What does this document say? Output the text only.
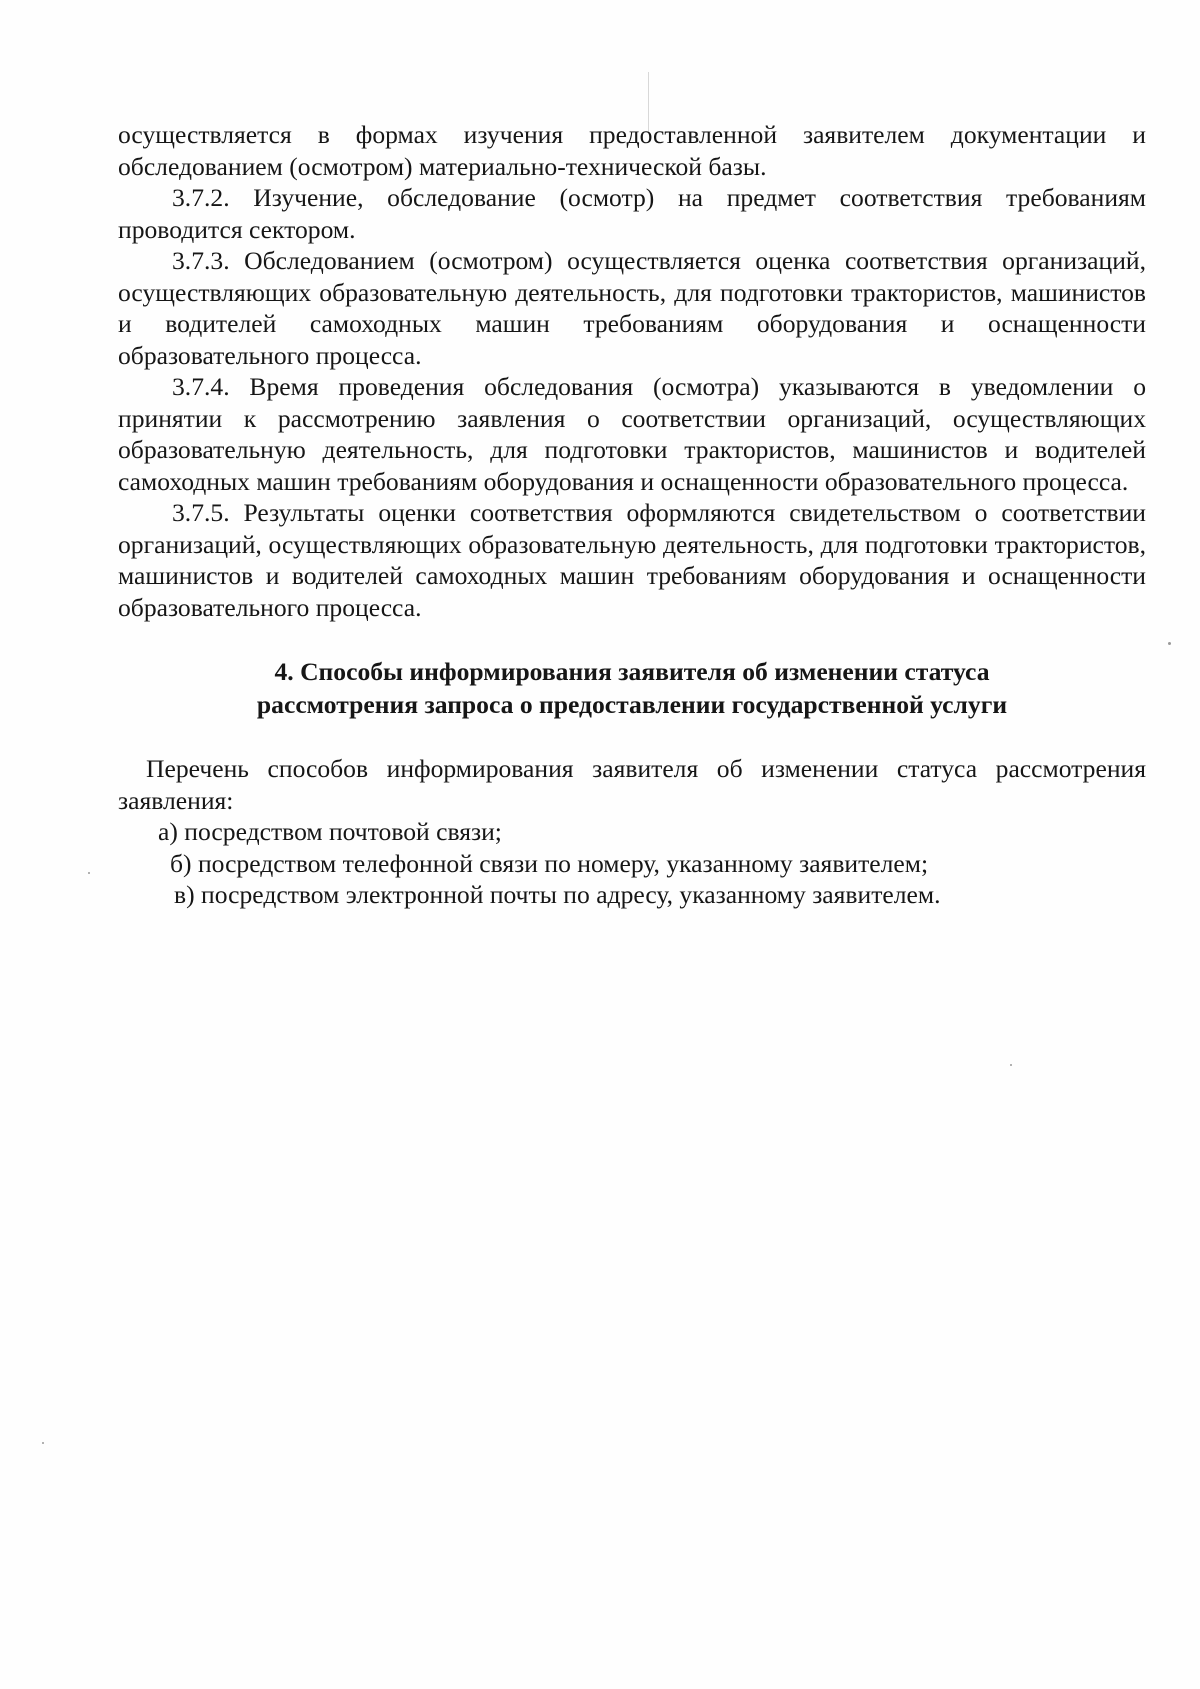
осуществляется в формах изучения предоставленной заявителем документации и обследованием (осмотром) материально-технической базы.

3.7.2. Изучение, обследование (осмотр) на предмет соответствия требованиям проводится сектором.

3.7.3. Обследованием (осмотром) осуществляется оценка соответствия организаций, осуществляющих образовательную деятельность, для подготовки трактористов, машинистов и водителей самоходных машин требованиям оборудования и оснащенности образовательного процесса.

3.7.4. Время проведения обследования (осмотра) указываются в уведомлении о принятии к рассмотрению заявления о соответствии организаций, осуществляющих образовательную деятельность, для подготовки трактористов, машинистов и водителей самоходных машин требованиям оборудования и оснащенности образовательного процесса.

3.7.5. Результаты оценки соответствия оформляются свидетельством о соответствии организаций, осуществляющих образовательную деятельность, для подготовки трактористов, машинистов и водителей самоходных машин требованиям оборудования и оснащенности образовательного процесса.

4. Способы информирования заявителя об изменении статуса
рассмотрения запроса о предоставлении государственной услуги

Перечень способов информирования заявителя об изменении статуса рассмотрения заявления:

а) посредством почтовой связи;

б) посредством телефонной связи по номеру, указанному заявителем;

в) посредством электронной почты по адресу, указанному заявителем.
